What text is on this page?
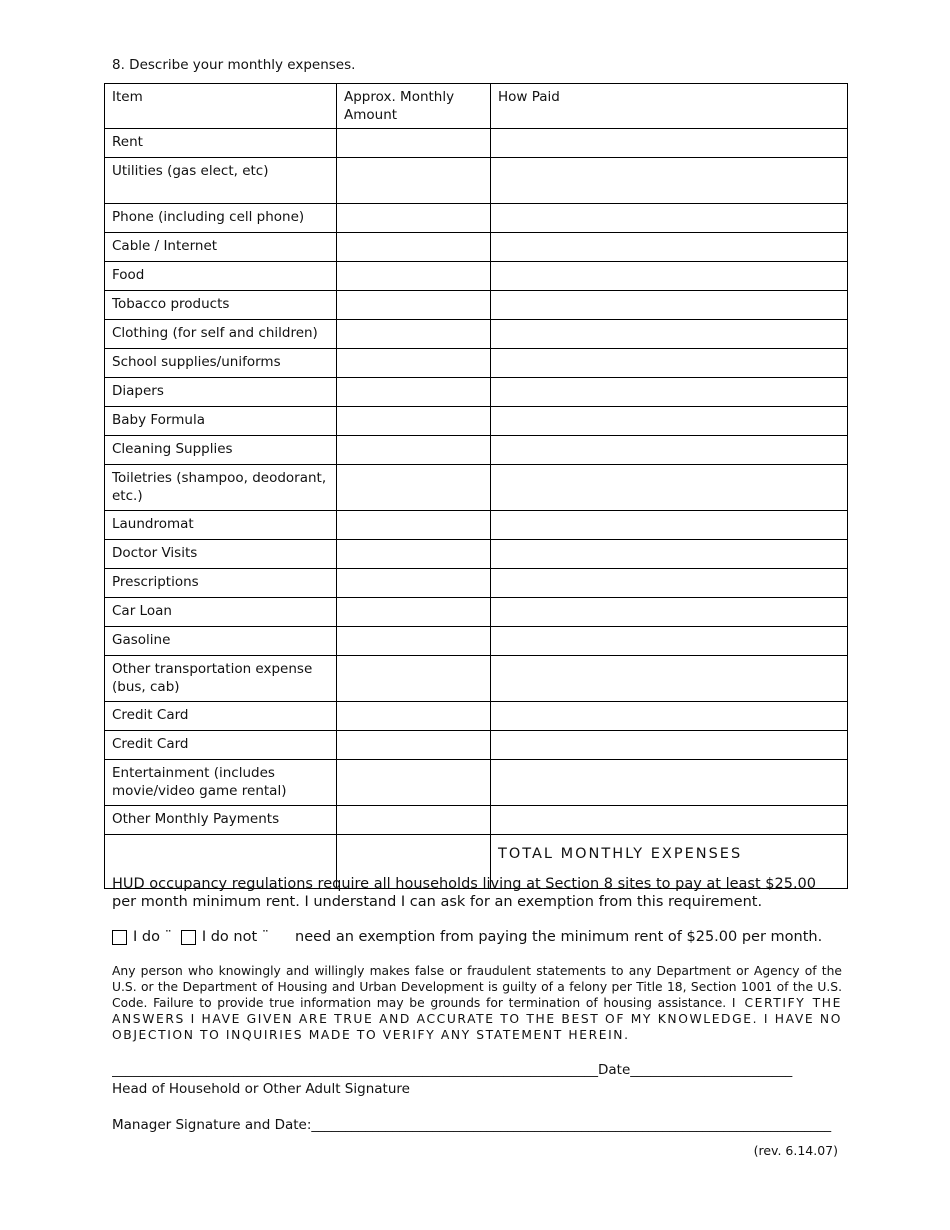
8. Describe your monthly expenses.
Item	Approx. Monthly Amount	How Paid
Rent		
Utilities (gas elect, etc)		
Phone (including cell phone)		
Cable / Internet		
Food		
Tobacco products		
Clothing (for self and children)		
School supplies/uniforms		
Diapers		
Baby Formula		
Cleaning Supplies		
Toiletries (shampoo, deodorant, etc.)		
Laundromat		
Doctor Visits		
Prescriptions		
Car Loan		
Gasoline		
Other transportation expense (bus, cab)		
Credit Card		
Credit Card		
Entertainment (includes movie/video game rental)		
Other Monthly Payments		

		TOTAL MONTHLY EXPENSES
HUD occupancy regulations require all households living at Section 8 sites to pay at least $25.00 per month minimum rent. I understand I can ask for an exemption from this requirement.
I do ¨ I do not ¨ need an exemption from paying the minimum rent of $25.00 per month.
Any person who knowingly and willingly makes false or fraudulent statements to any Department or Agency of the U.S. or the Department of Housing and Urban Development is guilty of a felony per Title 18, Section 1001 of the U.S. Code. Failure to provide true information may be grounds for termination of housing assistance. I CERTIFY THE ANSWERS I HAVE GIVEN ARE TRUE AND ACCURATE TO THE BEST OF MY KNOWLEDGE. I HAVE NO OBJECTION TO INQUIRIES MADE TO VERIFY ANY STATEMENT HEREIN.
________________________________________________________________________Date________________________
Head of Household or Other Adult Signature
Manager Signature and Date:_____________________________________________________________________________
(rev. 6.14.07)
